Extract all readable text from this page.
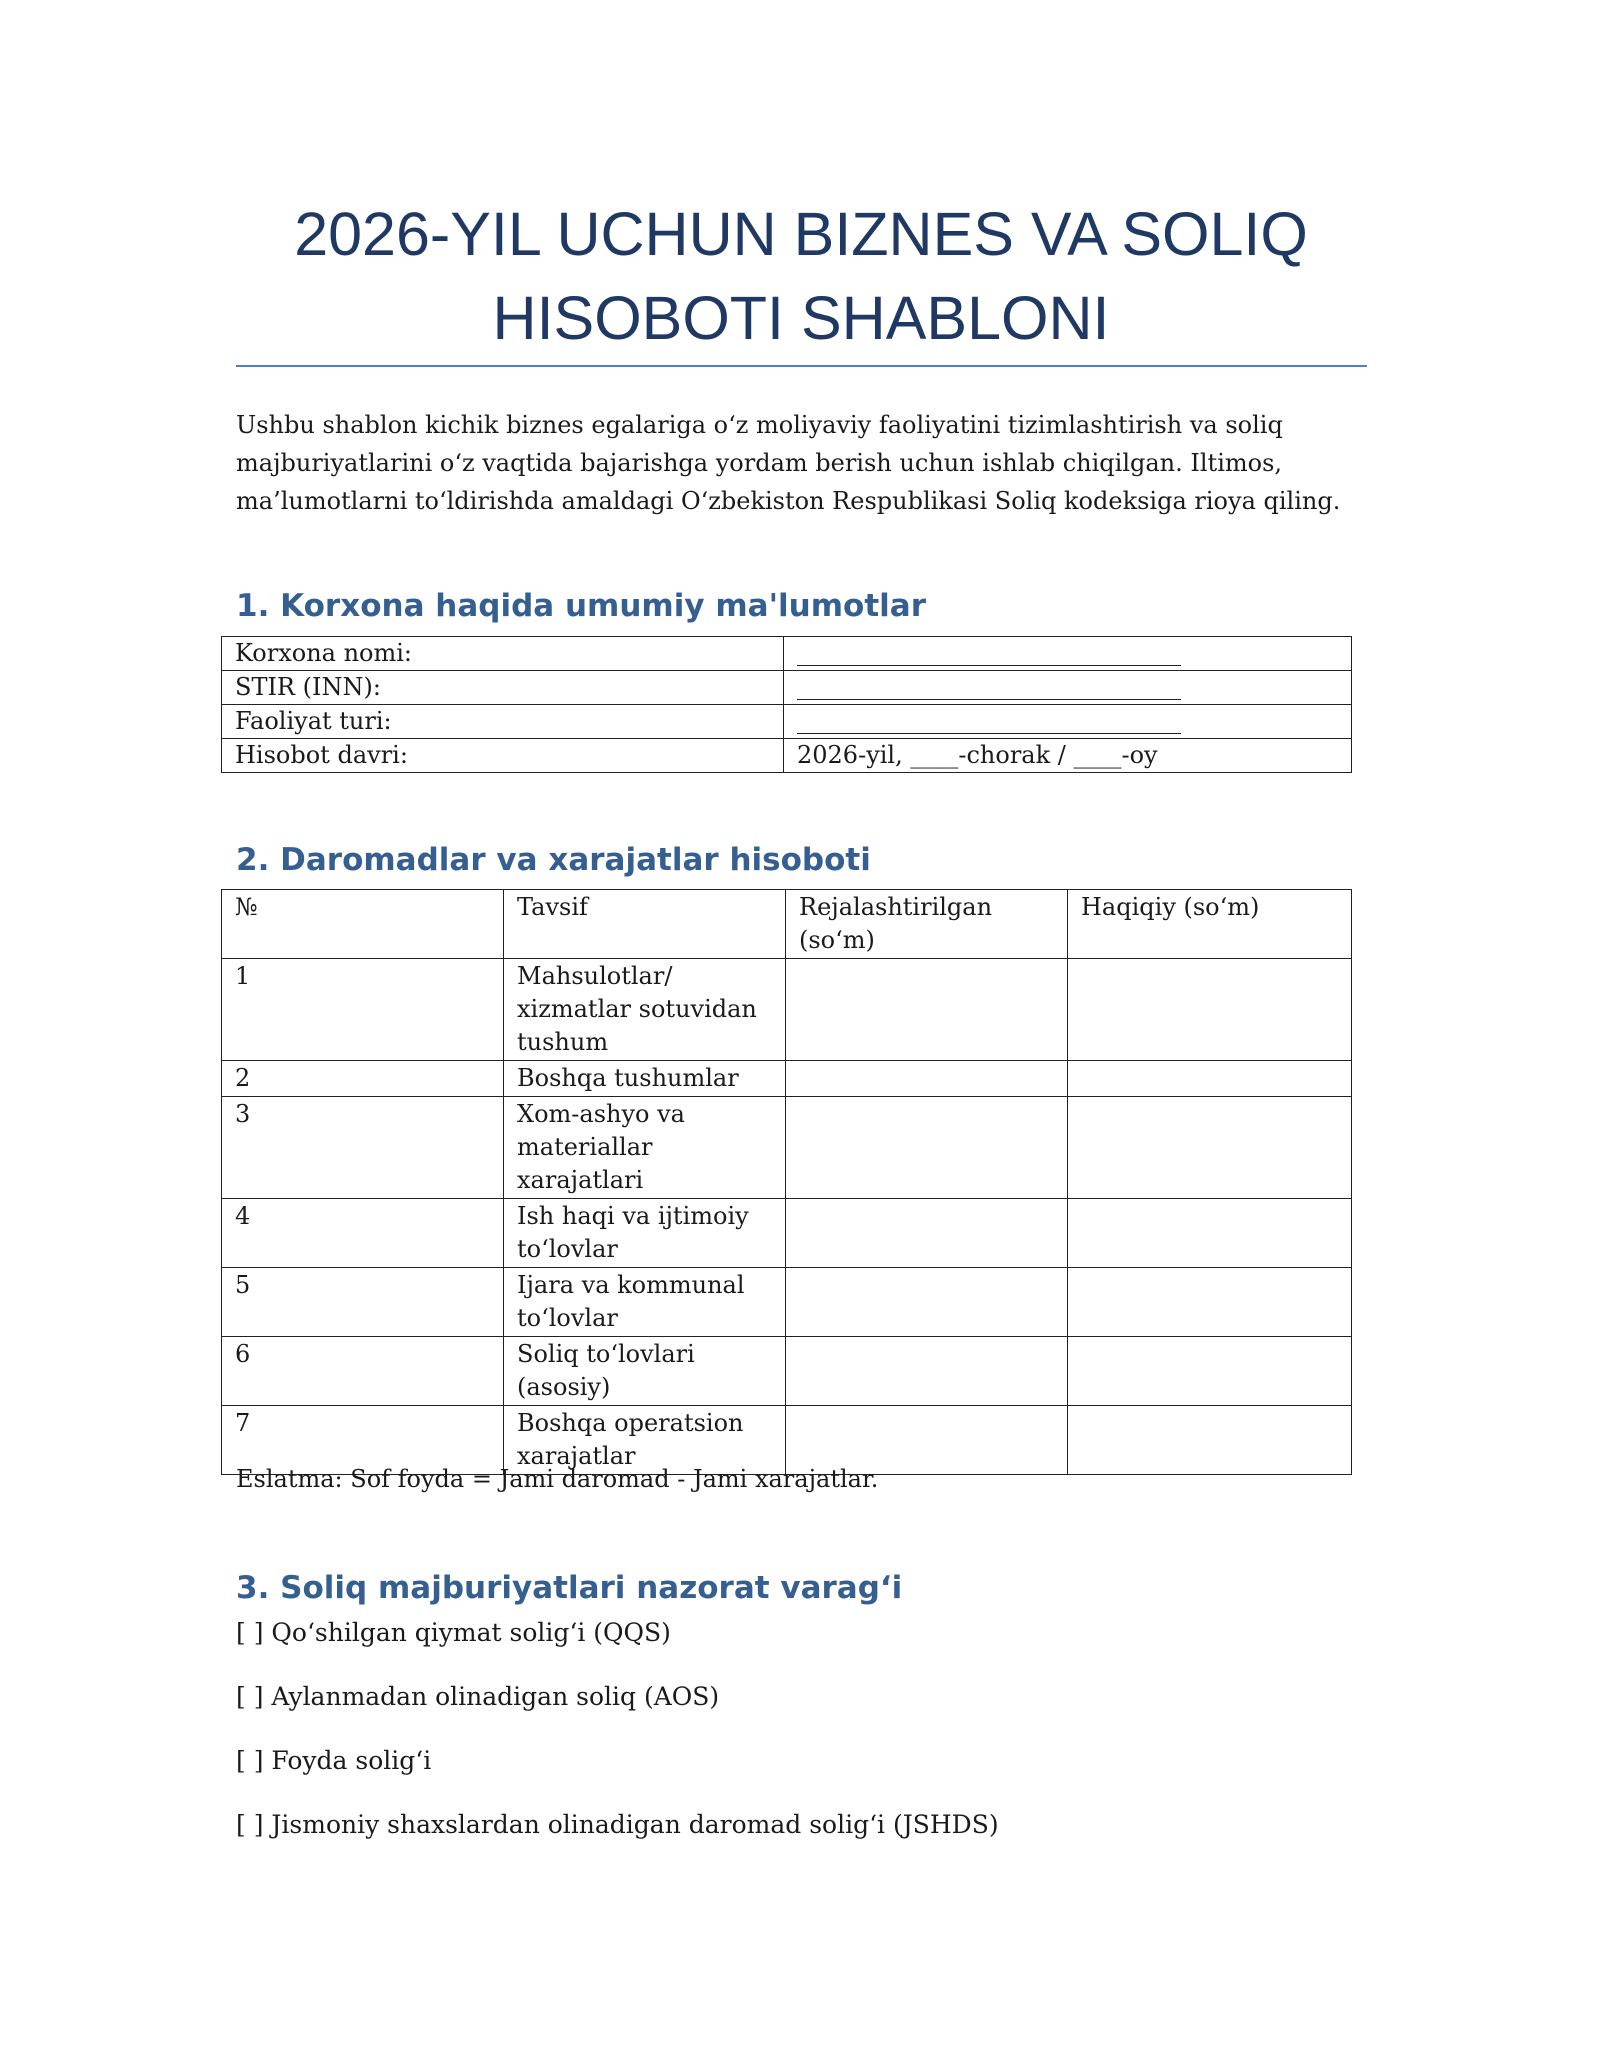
2026-YIL UCHUN BIZNES VA SOLIQ HISOBOTI SHABLONI

Ushbu shablon kichik biznes egalariga o‘z moliyaviy faoliyatini tizimlashtirish va soliq majburiyatlarini o‘z vaqtida bajarishga yordam berish uchun ishlab chiqilgan. Iltimos, ma’lumotlarni to‘ldirishda amaldagi O‘zbekiston Respublikasi Soliq kodeksiga rioya qiling.

1. Korxona haqida umumiy ma'lumotlar
Korxona nomi:	
STIR (INN):	
Faoliyat turi:	
Hisobot davri:	2026-yil, ____-chorak / ____-oy
2. Daromadlar va xarajatlar hisoboti
№	Tavsif	Rejalashtirilgan (so‘m)	Haqiqiy (so‘m)
1	Mahsulotlar/ xizmatlar sotuvidan tushum		
2	Boshqa tushumlar		
3	Xom-ashyo va materiallar xarajatlari		
4	Ish haqi va ijtimoiy to‘lovlar		
5	Ijara va kommunal to‘lovlar		
6	Soliq to‘lovlari (asosiy)		
7	Boshqa operatsion xarajatlar		

Eslatma: Sof foyda = Jami daromad - Jami xarajatlar.

3. Soliq majburiyatlari nazorat varag‘i

[ ] Qo‘shilgan qiymat solig‘i (QQS)

[ ] Aylanmadan olinadigan soliq (AOS)

[ ] Foyda solig‘i

[ ] Jismoniy shaxslardan olinadigan daromad solig‘i (JSHDS)
